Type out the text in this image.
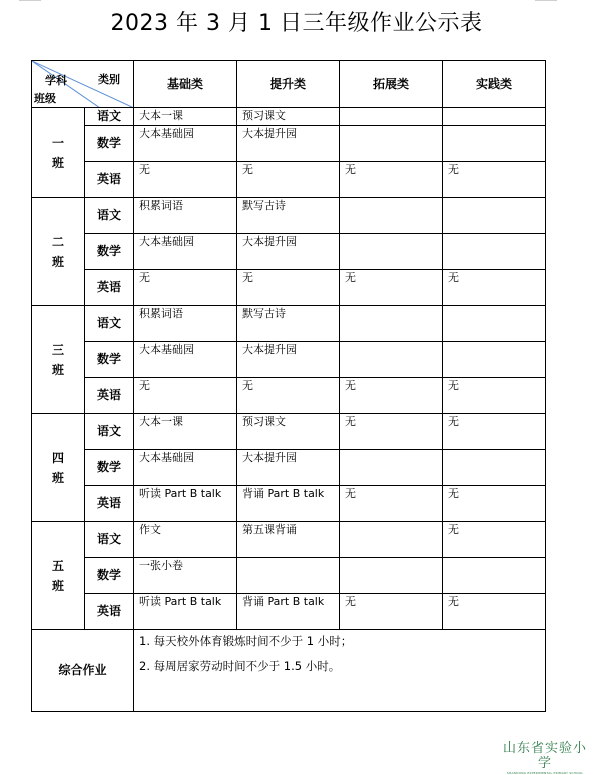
2023 年 3 月 1 日三年级作业公示表
类别
学科
班级		基础类	提升类	拓展类	实践类

一
班	语文	大本一课	预习课文		
	数学	大本基础园	大本提升园		
	英语	无	无	无	无

二
班	语文	积累词语	默写古诗		
	数学	大本基础园	大本提升园		
	英语	无	无	无	无

三
班	语文	积累词语	默写古诗		
	数学	大本基础园	大本提升园		
	英语	无	无	无	无

四
班	语文	大本一课	预习课文	无	无
	数学	大本基础园	大本提升园		
	英语	听读 Part B talk	背诵 Part B talk	无	无

五
班	语文	作文	第五课背诵		无
	数学	一张小卷			
	英语	听读 Part B talk	背诵 Part B talk	无	无
综合作业		1. 每天校外体育锻炼时间不少于 1 小时；
2. 每周居家劳动时间不少于 1.5 小时。			
山东省实验小学
SHANDONG EXPERIMENTAL PRIMARY SCHOOL
